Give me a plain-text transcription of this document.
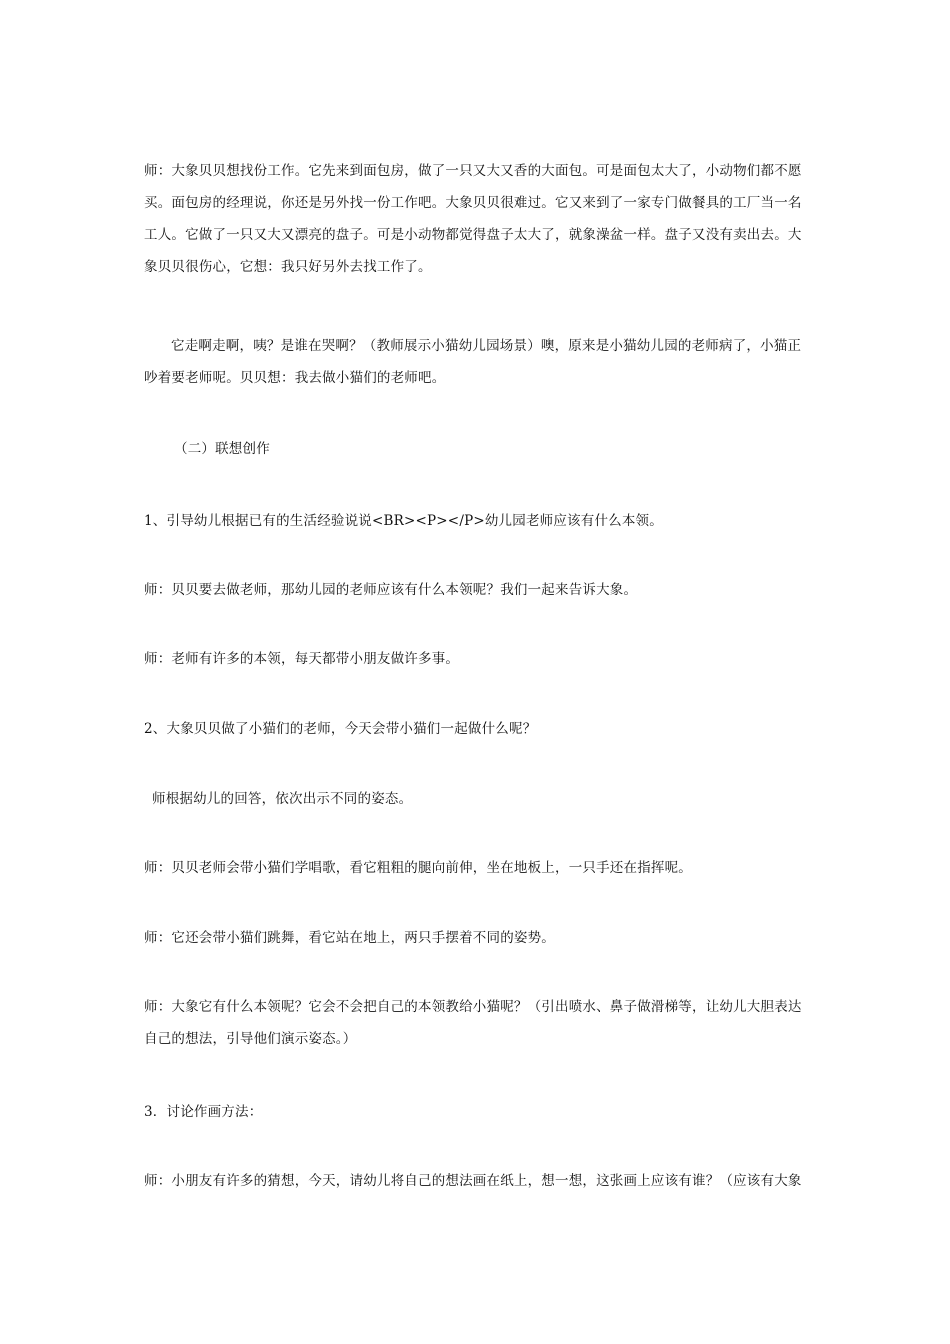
师：大象贝贝想找份工作。它先来到面包房，做了一只又大又香的大面包。可是面包太大了，小动物们都不愿买。面包房的经理说，你还是另外找一份工作吧。大象贝贝很难过。它又来到了一家专门做餐具的工厂当一名工人。它做了一只又大又漂亮的盘子。可是小动物都觉得盘子太大了，就象澡盆一样。盘子又没有卖出去。大象贝贝很伤心，它想：我只好另外去找工作了。

它走啊走啊，咦？是谁在哭啊？（教师展示小猫幼儿园场景）噢，原来是小猫幼儿园的老师病了，小猫正吵着要老师呢。贝贝想：我去做小猫们的老师吧。

（二）联想创作

1、引导幼儿根据已有的生活经验说说<BR><P></P>幼儿园老师应该有什么本领。

师：贝贝要去做老师，那幼儿园的老师应该有什么本领呢？我们一起来告诉大象。

师：老师有许多的本领，每天都带小朋友做许多事。

2、大象贝贝做了小猫们的老师，今天会带小猫们一起做什么呢？

师根据幼儿的回答，依次出示不同的姿态。

师：贝贝老师会带小猫们学唱歌，看它粗粗的腿向前伸，坐在地板上，一只手还在指挥呢。

师：它还会带小猫们跳舞，看它站在地上，两只手摆着不同的姿势。

师：大象它有什么本领呢？它会不会把自己的本领教给小猫呢？（引出喷水、鼻子做滑梯等，让幼儿大胆表达自己的想法，引导他们演示姿态。）

3．讨论作画方法：

师：小朋友有许多的猜想，今天，请幼儿将自己的想法画在纸上，想一想，这张画上应该有谁？（应该有大象
